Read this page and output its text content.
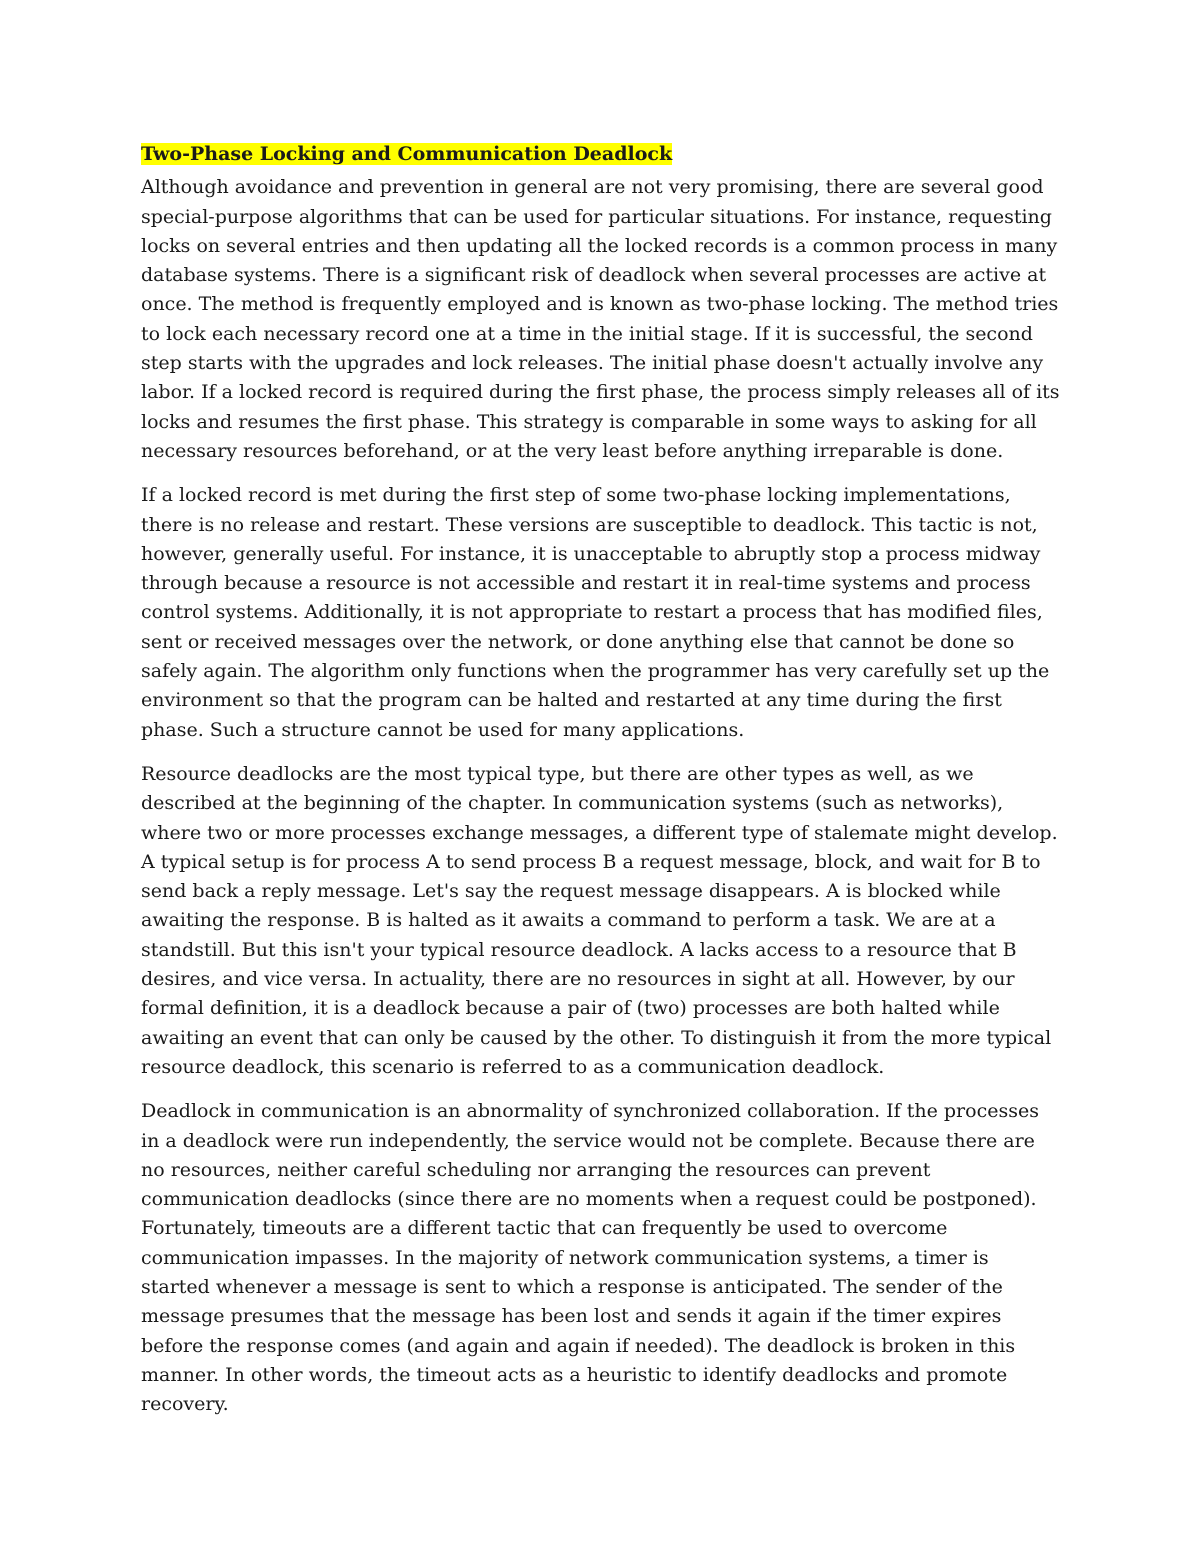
Two-Phase Locking and Communication Deadlock

Although avoidance and prevention in general are not very promising, there are several good special-purpose algorithms that can be used for particular situations. For instance, requesting locks on several entries and then updating all the locked records is a common process in many database systems. There is a significant risk of deadlock when several processes are active at once. The method is frequently employed and is known as two-phase locking. The method tries to lock each necessary record one at a time in the initial stage. If it is successful, the second step starts with the upgrades and lock releases. The initial phase doesn't actually involve any labor. If a locked record is required during the first phase, the process simply releases all of its locks and resumes the first phase. This strategy is comparable in some ways to asking for all necessary resources beforehand, or at the very least before anything irreparable is done.

If a locked record is met during the first step of some two-phase locking implementations, there is no release and restart. These versions are susceptible to deadlock. This tactic is not, however, generally useful. For instance, it is unacceptable to abruptly stop a process midway through because a resource is not accessible and restart it in real-time systems and process control systems. Additionally, it is not appropriate to restart a process that has modified files, sent or received messages over the network, or done anything else that cannot be done so safely again. The algorithm only functions when the programmer has very carefully set up the environment so that the program can be halted and restarted at any time during the first phase. Such a structure cannot be used for many applications.

Resource deadlocks are the most typical type, but there are other types as well, as we described at the beginning of the chapter. In communication systems (such as networks), where two or more processes exchange messages, a different type of stalemate might develop. A typical setup is for process A to send process B a request message, block, and wait for B to send back a reply message. Let's say the request message disappears. A is blocked while awaiting the response. B is halted as it awaits a command to perform a task. We are at a standstill. But this isn't your typical resource deadlock. A lacks access to a resource that B desires, and vice versa. In actuality, there are no resources in sight at all. However, by our formal definition, it is a deadlock because a pair of (two) processes are both halted while awaiting an event that can only be caused by the other. To distinguish it from the more typical resource deadlock, this scenario is referred to as a communication deadlock.

Deadlock in communication is an abnormality of synchronized collaboration. If the processes in a deadlock were run independently, the service would not be complete. Because there are no resources, neither careful scheduling nor arranging the resources can prevent communication deadlocks (since there are no moments when a request could be postponed). Fortunately, timeouts are a different tactic that can frequently be used to overcome communication impasses. In the majority of network communication systems, a timer is started whenever a message is sent to which a response is anticipated. The sender of the message presumes that the message has been lost and sends it again if the timer expires before the response comes (and again and again if needed). The deadlock is broken in this manner. In other words, the timeout acts as a heuristic to identify deadlocks and promote recovery.
